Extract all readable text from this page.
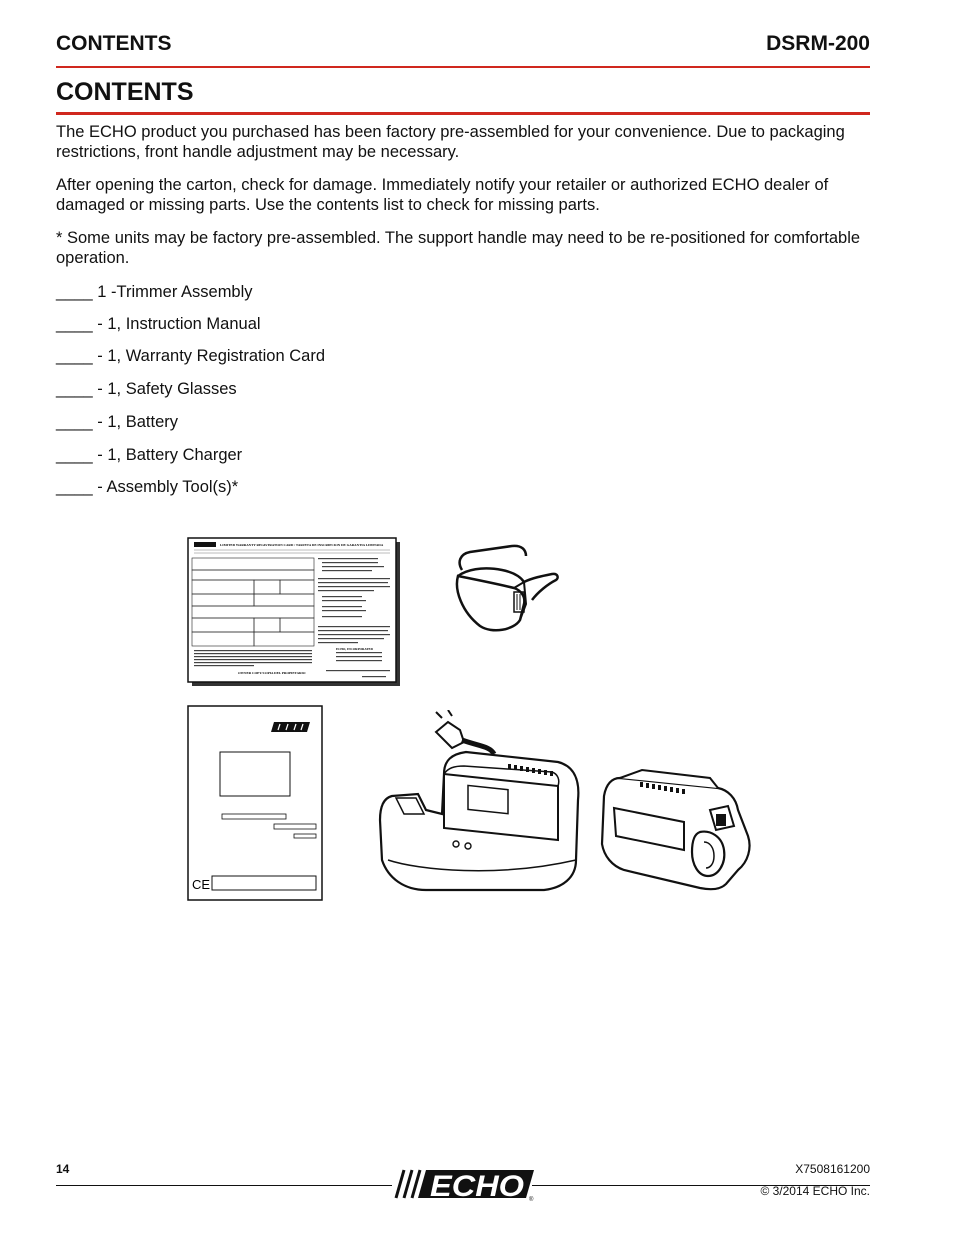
CONTENTS	DSRM-200
CONTENTS

The ECHO product you purchased has been factory pre-assembled for your convenience. Due to packaging restrictions, front handle adjustment may be necessary.

After opening the carton, check for damage. Immediately notify your retailer or authorized ECHO dealer of damaged or missing parts. Use the contents list to check for missing parts.

* Some units may be factory pre-assembled. The support handle may need to be re-positioned for comfortable operation.

____ 1 -Trimmer Assembly
____ - 1, Instruction Manual
____ - 1, Warranty Registration Card
____ - 1, Safety Glasses
____ - 1, Battery
____ - 1, Battery Charger
____ - Assembly Tool(s)*
LIMITED WARRANTY REGISTRATION CARD / TARJETA DE INSCRIPCION DE GARANTIA LIMITADA
OWNER COPY/COPIA DEL PROPIETARIO
ECHO, INCORPORATED
CE
14
ECHO ®
X7508161200
© 3/2014 ECHO Inc.
